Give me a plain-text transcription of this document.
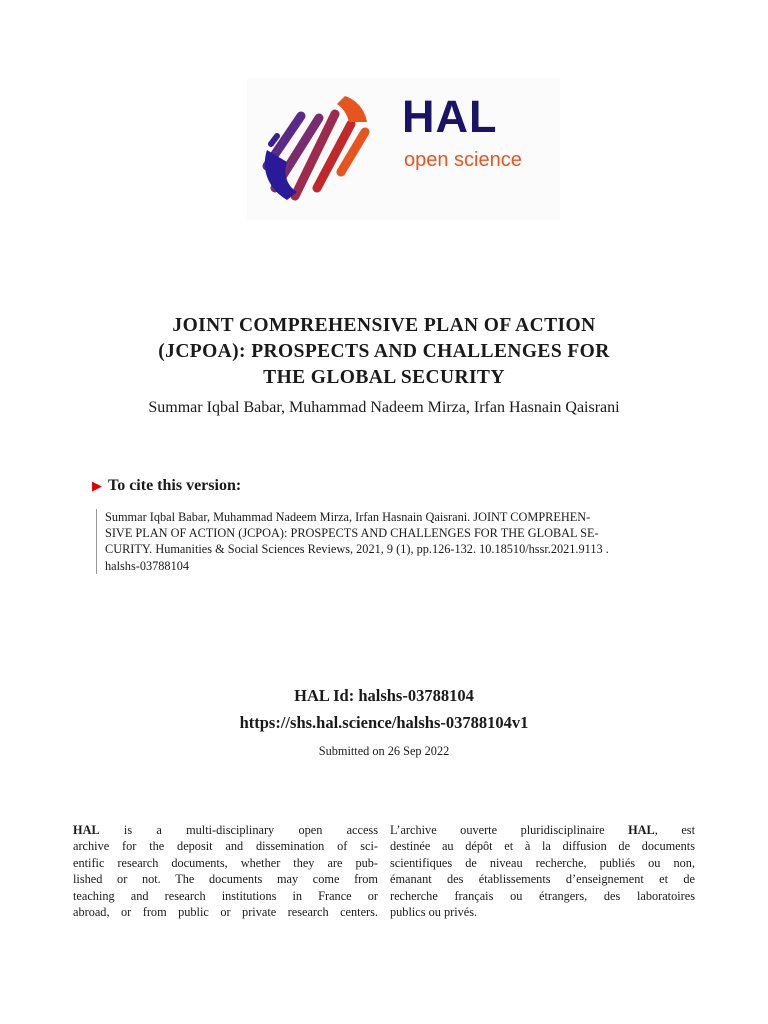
HAL
open science
JOINT COMPREHENSIVE PLAN OF ACTION
(JCPOA): PROSPECTS AND CHALLENGES FOR
THE GLOBAL SECURITY
Summar Iqbal Babar, Muhammad Nadeem Mirza, Irfan Hasnain Qaisrani
▶ To cite this version:
Summar Iqbal Babar, Muhammad Nadeem Mirza, Irfan Hasnain Qaisrani. JOINT COMPREHEN-
SIVE PLAN OF ACTION (JCPOA): PROSPECTS AND CHALLENGES FOR THE GLOBAL SE-
CURITY. Humanities & Social Sciences Reviews, 2021, 9 (1), pp.126-132. 10.18510/hssr.2021.9113 .
halshs-03788104
HAL Id: halshs-03788104
https://shs.hal.science/halshs-03788104v1
Submitted on 26 Sep 2022
HAL is a multi-disciplinary open access
archive for the deposit and dissemination of sci-
entific research documents, whether they are pub-
lished or not. The documents may come from
teaching and research institutions in France or
abroad, or from public or private research centers.
L’archive ouverte pluridisciplinaire HAL, est
destinée au dépôt et à la diffusion de documents
scientifiques de niveau recherche, publiés ou non,
émanant des établissements d’enseignement et de
recherche français ou étrangers, des laboratoires
publics ou privés.
